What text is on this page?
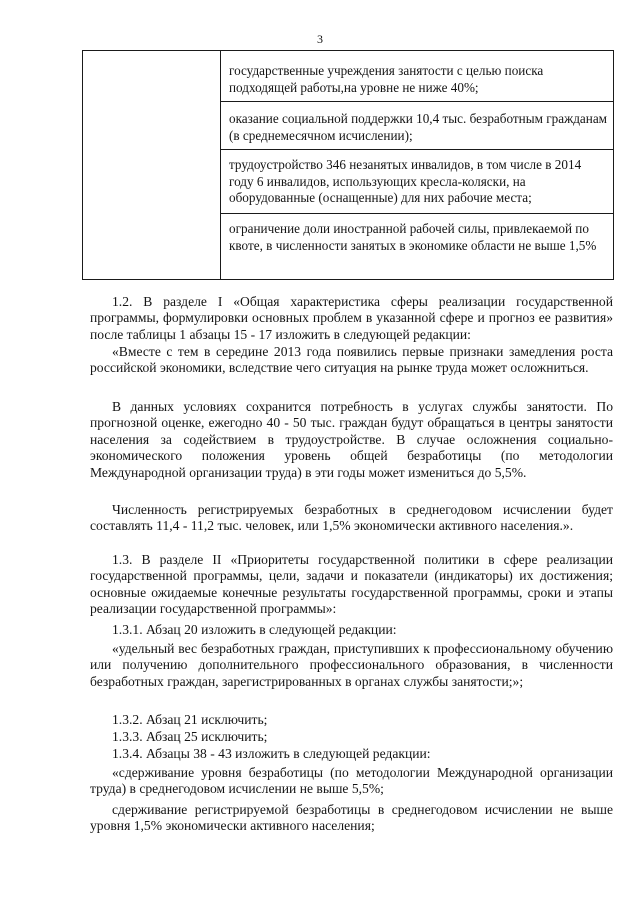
3
государственные учреждения занятости с целью поиска подходящей работы,на уровне не ниже 40%;
оказание социальной поддержки 10,4 тыс. безработным гражданам (в среднемесячном исчислении);
трудоустройство 346 незанятых инвалидов, в том числе в 2014 году 6 инвалидов, использующих кресла-коляски, на оборудованные (оснащенные) для них рабочие места;
ограничение доли иностранной рабочей силы, привлекаемой по квоте, в численности занятых в экономике области не выше 1,5%
1.2. В разделе I «Общая характеристика сферы реализации государственной программы, формулировки основных проблем в указанной сфере и прогноз ее развития» после таблицы 1 абзацы 15 - 17 изложить в следующей редакции:
«Вместе с тем в середине 2013 года появились первые признаки замедления роста российской экономики, вследствие чего ситуация на рынке труда может осложниться.
В данных условиях сохранится потребность в услугах службы занятости. По прогнозной оценке, ежегодно 40 - 50 тыс. граждан будут обращаться в центры занятости населения за содействием в трудоустройстве. В случае осложнения социально-экономического положения уровень общей безработицы (по методологии Международной организации труда) в эти годы может измениться до 5,5%.
Численность регистрируемых безработных в среднегодовом исчислении будет составлять 11,4 - 11,2 тыс. человек, или 1,5% экономически активного населения.».
1.3. В разделе II «Приоритеты государственной политики в сфере реализации государственной программы, цели, задачи и показатели (индикаторы) их достижения; основные ожидаемые конечные результаты государственной программы, сроки и этапы реализации государственной программы»:
1.3.1. Абзац 20 изложить в следующей редакции:
«удельный вес безработных граждан, приступивших к профессиональному обучению или получению дополнительного профессионального образования, в численности безработных граждан, зарегистрированных в органах службы занятости;»;
1.3.2. Абзац 21 исключить;
1.3.3. Абзац 25 исключить;
1.3.4. Абзацы 38 - 43 изложить в следующей редакции:
«сдерживание уровня безработицы (по методологии Международной организации труда) в среднегодовом исчислении не выше 5,5%;
сдерживание регистрируемой безработицы в среднегодовом исчислении не выше уровня 1,5% экономически активного населения;
